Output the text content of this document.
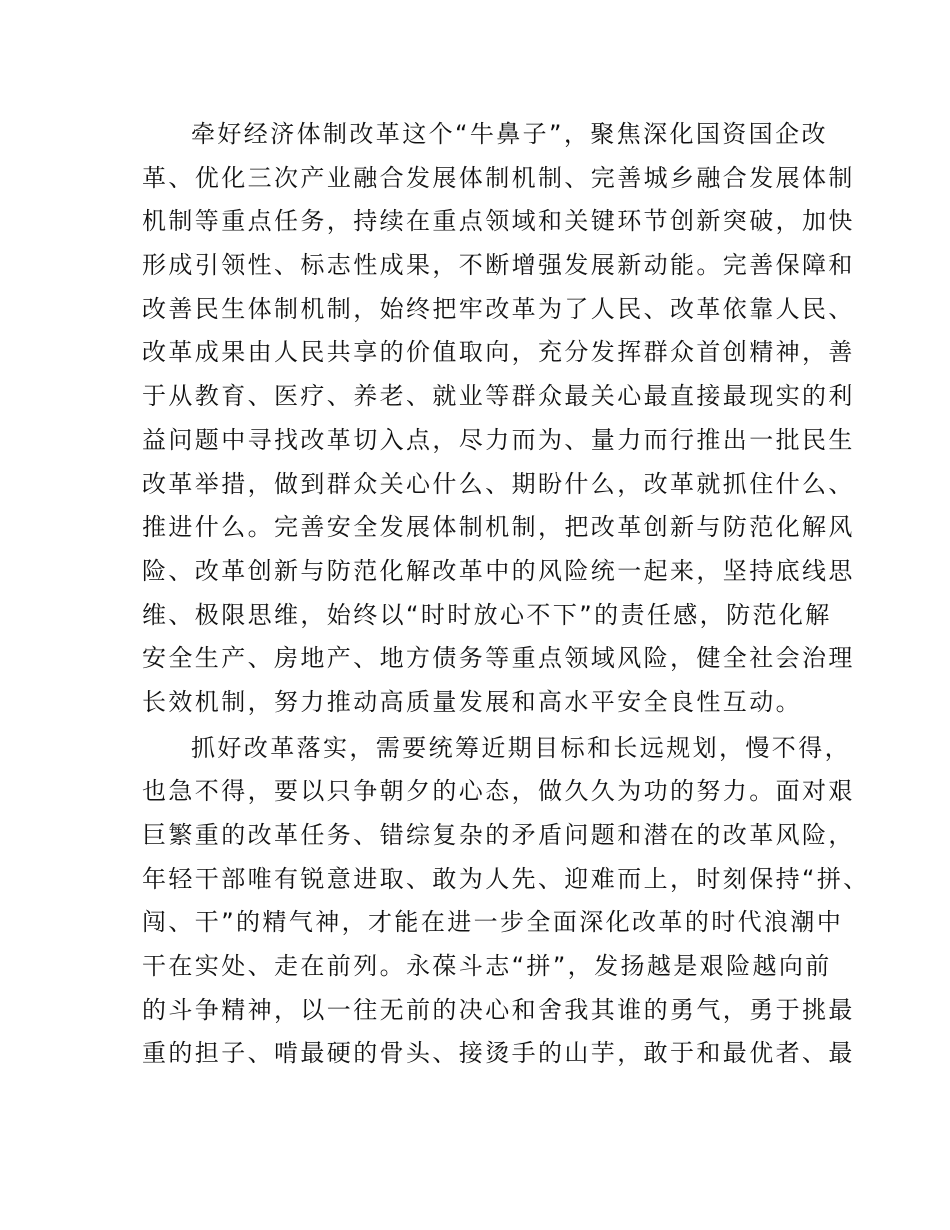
牵好经济体制改革这个“牛鼻子”，聚焦深化国资国企改
革、优化三次产业融合发展体制机制、完善城乡融合发展体制
机制等重点任务，持续在重点领域和关键环节创新突破，加快
形成引领性、标志性成果，不断增强发展新动能。完善保障和
改善民生体制机制，始终把牢改革为了人民、改革依靠人民、
改革成果由人民共享的价值取向，充分发挥群众首创精神，善
于从教育、医疗、养老、就业等群众最关心最直接最现实的利
益问题中寻找改革切入点，尽力而为、量力而行推出一批民生
改革举措，做到群众关心什么、期盼什么，改革就抓住什么、
推进什么。完善安全发展体制机制，把改革创新与防范化解风
险、改革创新与防范化解改革中的风险统一起来，坚持底线思
维、极限思维，始终以“时时放心不下”的责任感，防范化解
安全生产、房地产、地方债务等重点领域风险，健全社会治理
长效机制，努力推动高质量发展和高水平安全良性互动。
抓好改革落实，需要统筹近期目标和长远规划，慢不得，
也急不得，要以只争朝夕的心态，做久久为功的努力。面对艰
巨繁重的改革任务、错综复杂的矛盾问题和潜在的改革风险，
年轻干部唯有锐意进取、敢为人先、迎难而上，时刻保持“拼、
闯、干”的精气神，才能在进一步全面深化改革的时代浪潮中
干在实处、走在前列。永葆斗志“拼”，发扬越是艰险越向前
的斗争精神，以一往无前的决心和舍我其谁的勇气，勇于挑最
重的担子、啃最硬的骨头、接烫手的山芋，敢于和最优者、最
